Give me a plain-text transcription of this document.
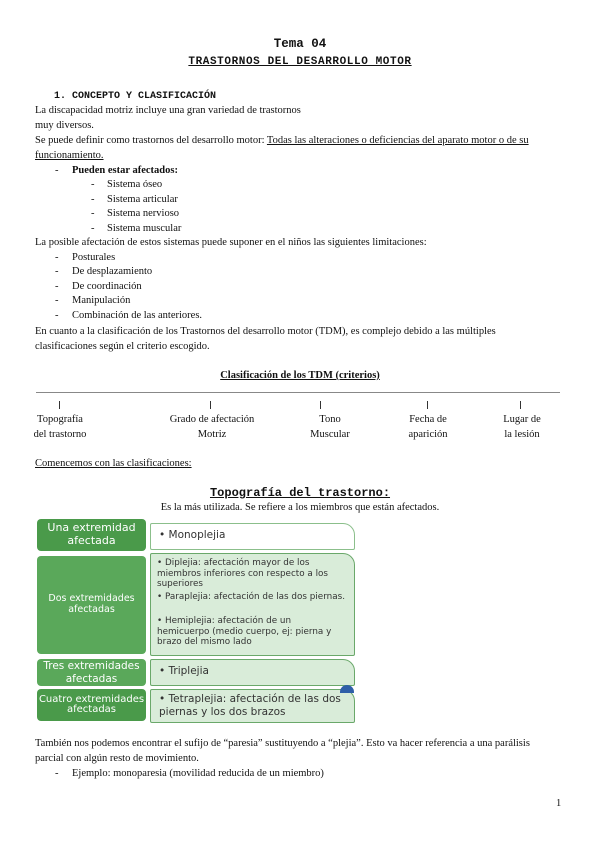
Tema 04
TRASTORNOS DEL DESARROLLO MOTOR
1. CONCEPTO Y CLASIFICACIÓN
La discapacidad motriz incluye una gran variedad de trastornos
muy diversos.
Se puede definir como trastornos del desarrollo motor: Todas las alteraciones o deficiencias del aparato motor o de su
funcionamiento.
- Pueden estar afectados:
- Sistema óseo
- Sistema articular
- Sistema nervioso
- Sistema muscular
La posible afectación de estos sistemas puede suponer en el niños las siguientes limitaciones:
- Posturales
- De desplazamiento
- De coordinación
- Manipulación
- Combinación de las anteriores.
En cuanto a la clasificación de los Trastornos del desarrollo motor (TDM), es complejo debido a las múltiples
clasificaciones según el criterio escogido.
Clasificación de los TDM (criterios)
Topografía
del trastorno
Grado de afectación
Motriz
Tono
Muscular
Fecha de
aparición
Lugar de
la lesión
Comencemos con las clasificaciones:
Topografía del trastorno:
Es la más utilizada. Se refiere a los miembros que están afectados.
Una extremidad
afectada	• Monoplejia
Dos extremidades
afectadas
• Diplejia: afectación mayor de los miembros inferiores con respecto a los superiores
• Paraplejia: afectación de las dos piernas.
• Hemiplejia: afectación de un hemicuerpo (medio cuerpo, ej: pierna y brazo del mismo lado
Tres extremidades
afectadas
• Triplejia
Cuatro extremidades
afectadas
• Tetraplejia: afectación de las dos piernas y los dos brazos
También nos podemos encontrar el sufijo de “paresia” sustituyendo a “plejia”. Esto va hacer referencia a una parálisis
parcial con algún resto de movimiento.
- Ejemplo: monoparesia (movilidad reducida de un miembro)
1
